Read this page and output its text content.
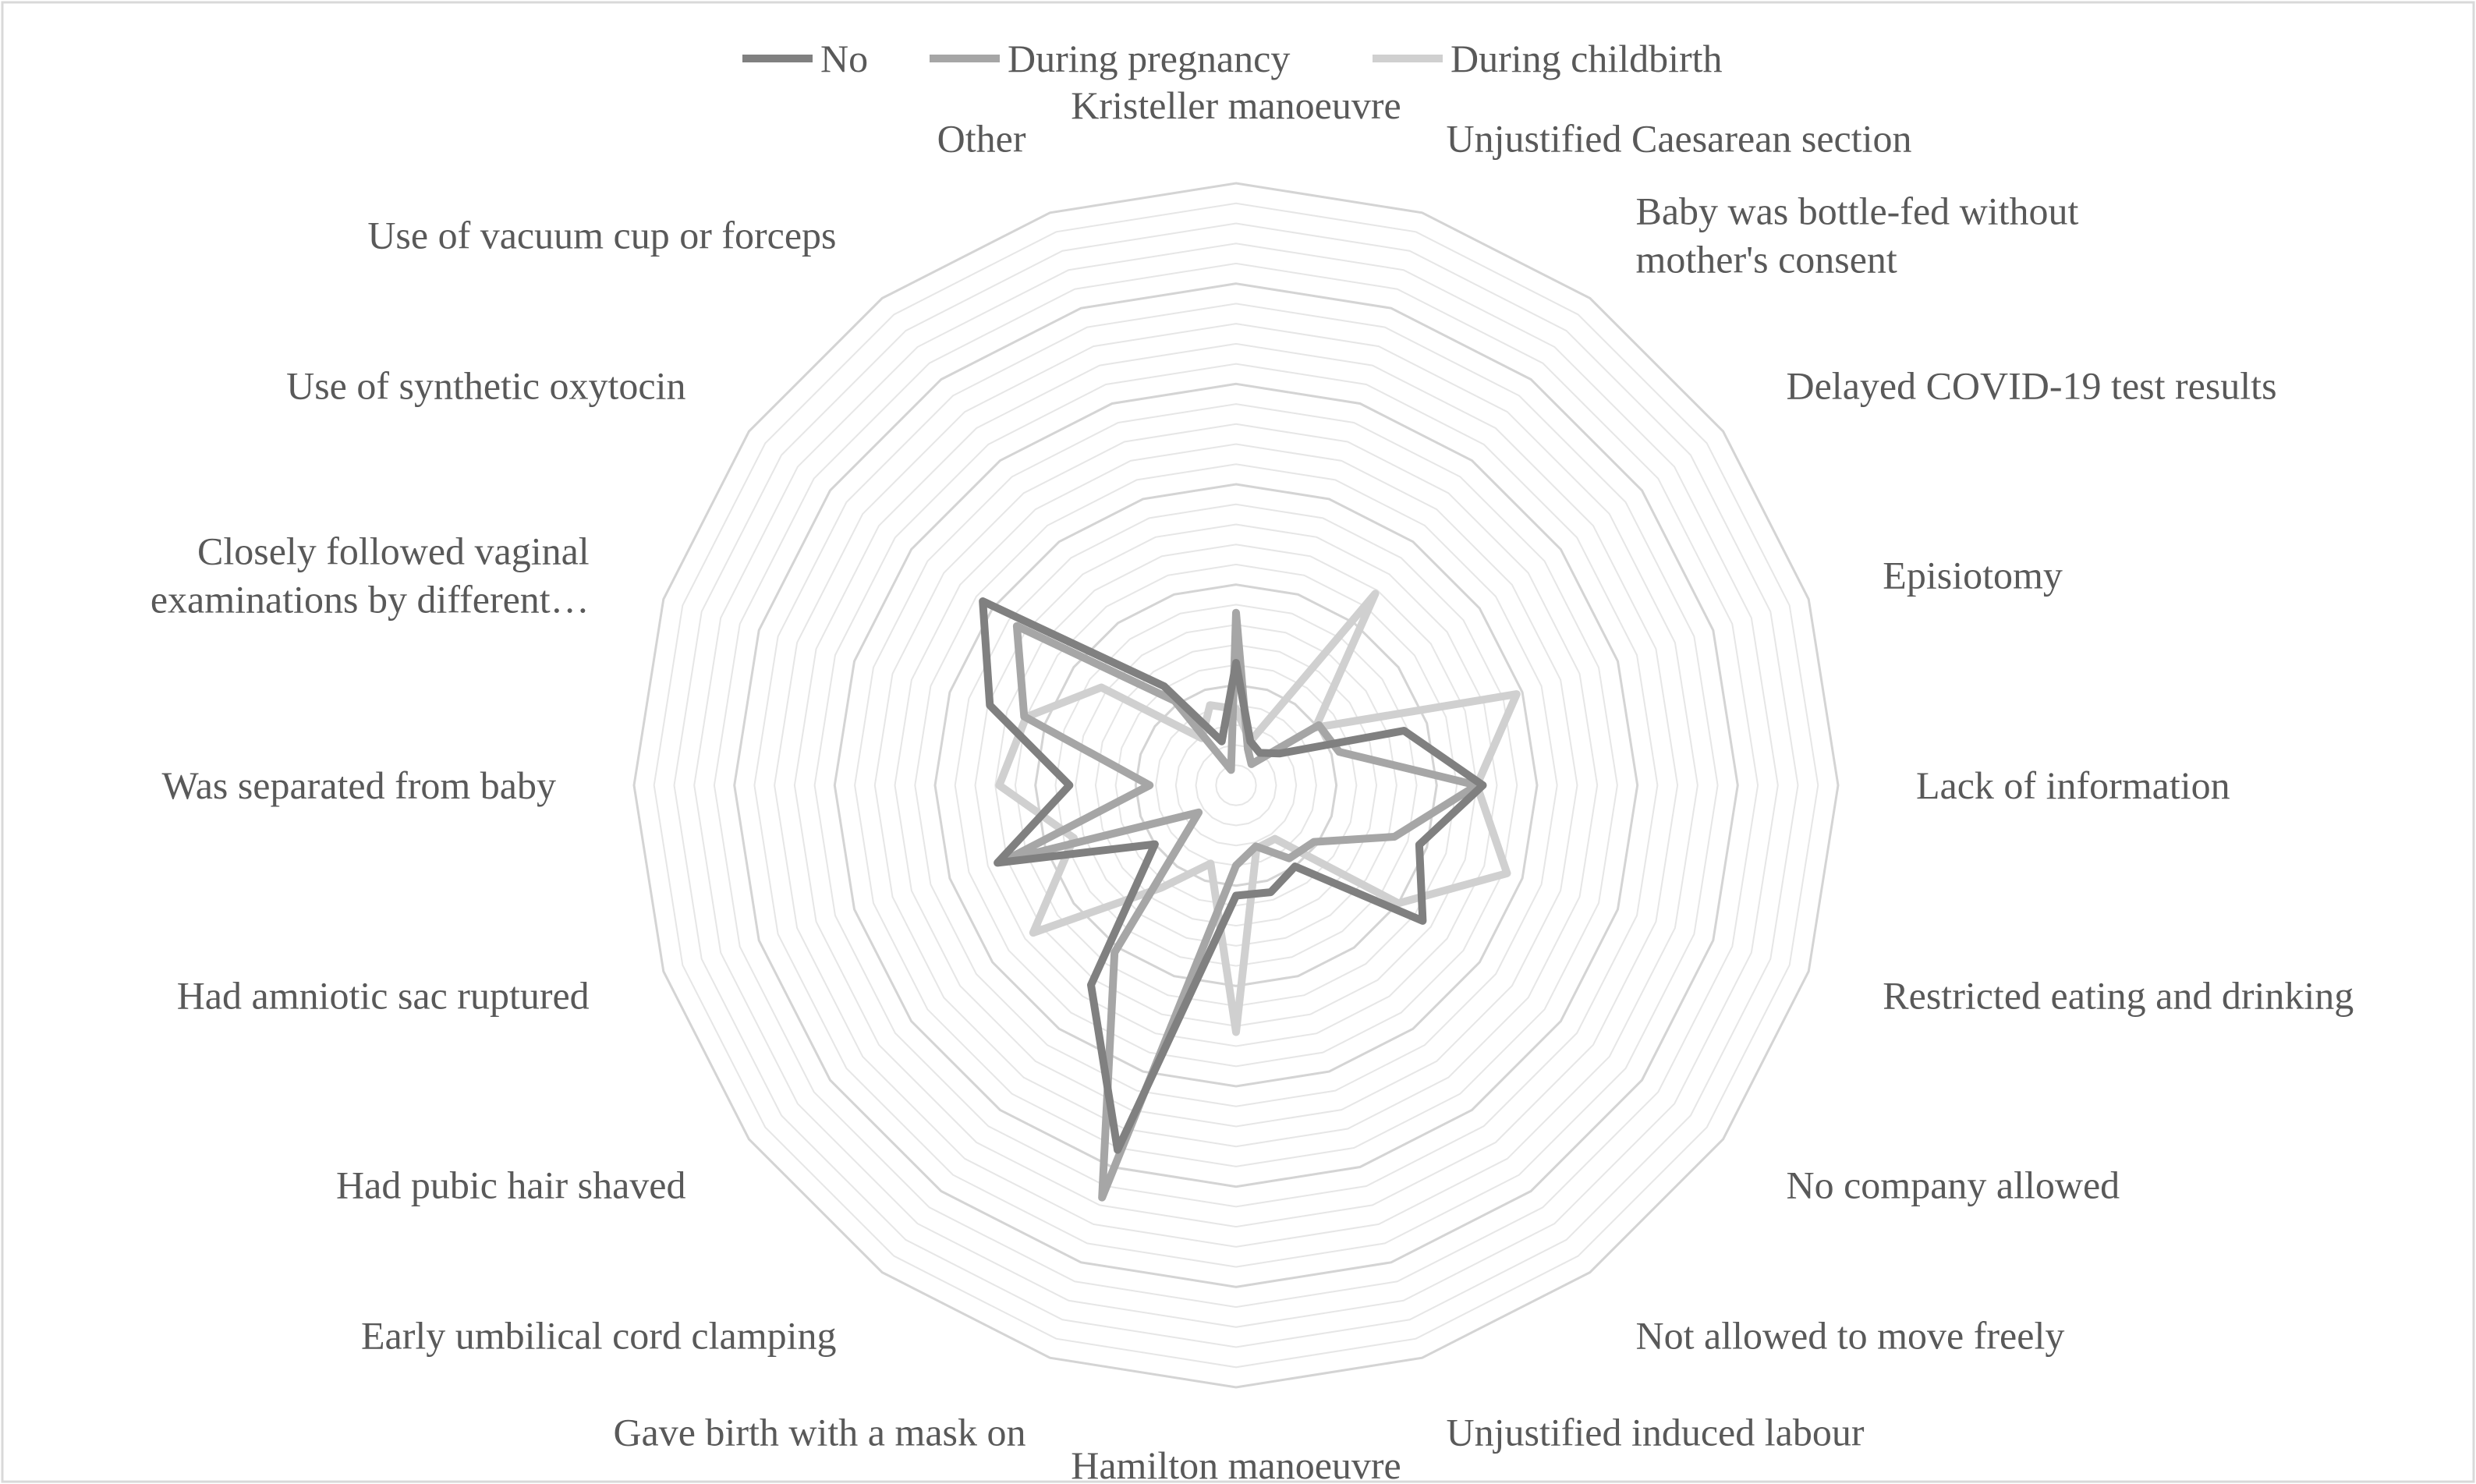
Kristeller manoeuvre
Unjustified Caesarean section
Baby was bottle-fed without
mother's consent
Delayed COVID-19 test results
Episiotomy
Lack of information
Restricted eating and drinking
No company allowed
Not allowed to move freely
Unjustified induced labour
Hamilton manoeuvre
Gave birth with a mask on
Early umbilical cord clamping
Had pubic hair shaved
Had amniotic sac ruptured
Was separated from baby
Closely followed vaginal
examinations by different…
Use of synthetic oxytocin
Use of vacuum cup or forceps
Other
No	During pregnancy	During childbirth
